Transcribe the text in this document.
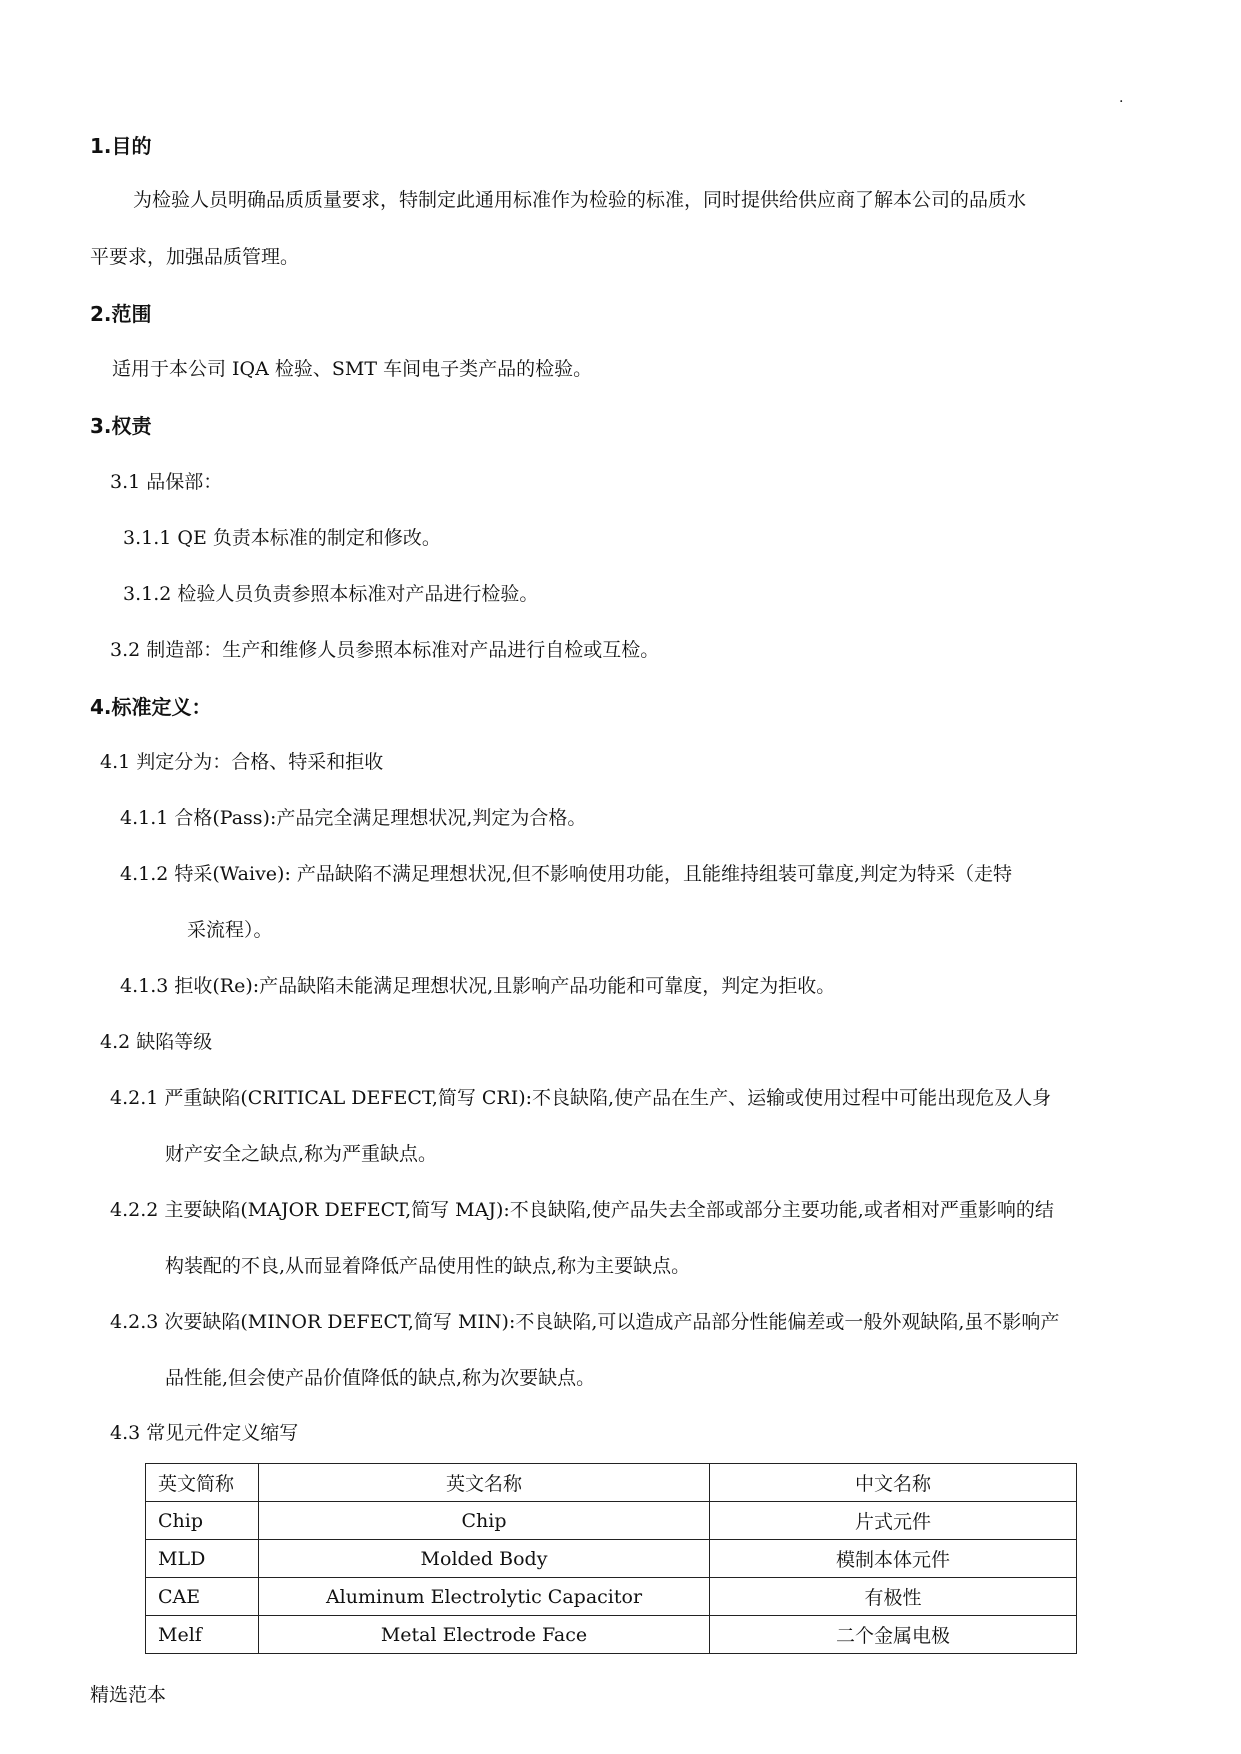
.
1.目的
为检验人员明确品质质量要求，特制定此通用标准作为检验的标准，同时提供给供应商了解本公司的品质水
平要求，加强品质管理。
2.范围
适用于本公司 IQA 检验、SMT 车间电子类产品的检验。
3.权责
3.1 品保部：
3.1.1 QE 负责本标准的制定和修改。
3.1.2 检验人员负责参照本标准对产品进行检验。
3.2 制造部：生产和维修人员参照本标准对产品进行自检或互检。
4.标准定义：
4.1 判定分为：合格、特采和拒收
4.1.1 合格(Pass):产品完全满足理想状况,判定为合格。
4.1.2 特采(Waive): 产品缺陷不满足理想状况,但不影响使用功能，且能维持组装可靠度,判定为特采（走特
采流程）。
4.1.3 拒收(Re):产品缺陷未能满足理想状况,且影响产品功能和可靠度，判定为拒收。
4.2 缺陷等级
4.2.1 严重缺陷(CRITICAL DEFECT,简写 CRI):不良缺陷,使产品在生产、运输或使用过程中可能出现危及人身
财产安全之缺点,称为严重缺点。
4.2.2 主要缺陷(MAJOR DEFECT,简写 MAJ):不良缺陷,使产品失去全部或部分主要功能,或者相对严重影响的结
构装配的不良,从而显着降低产品使用性的缺点,称为主要缺点。
4.2.3 次要缺陷(MINOR DEFECT,简写 MIN):不良缺陷,可以造成产品部分性能偏差或一般外观缺陷,虽不影响产
品性能,但会使产品价值降低的缺点,称为次要缺点。
4.3 常见元件定义缩写
英文简称	英文名称	中文名称
Chip	Chip	片式元件
MLD	Molded Body	模制本体元件
CAE	Aluminum Electrolytic Capacitor	有极性
Melf	Metal Electrode Face	二个金属电极
精选范本
